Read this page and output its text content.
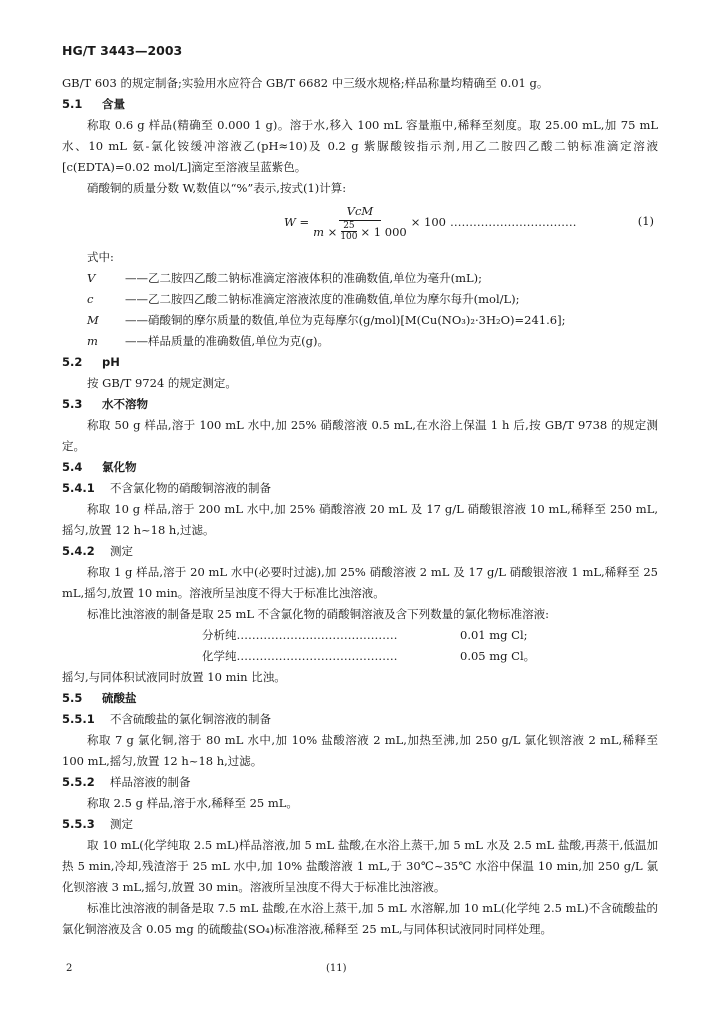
HG/T 3443—2003

GB/T 603 的规定制备;实验用水应符合 GB/T 6682 中三级水规格;样品称量均精确至 0.01 g。

5.1 含量

称取 0.6 g 样品(精确至 0.000 1 g)。溶于水,移入 100 mL 容量瓶中,稀释至刻度。取 25.00 mL,加 75 mL 水、10 mL 氨-氯化铵缓冲溶液乙(pH≈10)及 0.2 g 紫脲酸铵指示剂,用乙二胺四乙酸二钠标准滴定溶液[c(EDTA)=0.02 mol/L]滴定至溶液呈蓝紫色。

硝酸铜的质量分数 W,数值以“%”表示,按式(1)计算:

W =
VcM
$m \times \frac{25}{100} \times 1$ 000
× 100 ……………………………	(1)

式中:

V	——乙二胺四乙酸二钠标准滴定溶液体积的准确数值,单位为毫升(mL);

c	——乙二胺四乙酸二钠标准滴定溶液浓度的准确数值,单位为摩尔每升(mol/L);

M	——硝酸铜的摩尔质量的数值,单位为克每摩尔(g/mol)[M(Cu(NO₃)₂·3H₂O)=241.6];

m	——样品质量的准确数值,单位为克(g)。

5.2 pH

按 GB/T 9724 的规定测定。

5.3 水不溶物

称取 50 g 样品,溶于 100 mL 水中,加 25% 硝酸溶液 0.5 mL,在水浴上保温 1 h 后,按 GB/T 9738 的规定测定。

5.4 氯化物

5.4.1 不含氯化物的硝酸铜溶液的制备

称取 10 g 样品,溶于 200 mL 水中,加 25% 硝酸溶液 20 mL 及 17 g/L 硝酸银溶液 10 mL,稀释至 250 mL,摇匀,放置 12 h~18 h,过滤。

5.4.2 测定

称取 1 g 样品,溶于 20 mL 水中(必要时过滤),加 25% 硝酸溶液 2 mL 及 17 g/L 硝酸银溶液 1 mL,稀释至 25 mL,摇匀,放置 10 min。溶液所呈浊度不得大于标准比浊溶液。

标准比浊溶液的制备是取 25 mL 不含氯化物的硝酸铜溶液及含下列数量的氯化物标准溶液:

分析纯……………………………………	0.01 mg Cl;
化学纯……………………………………	0.05 mg Cl。

摇匀,与同体积试液同时放置 10 min 比浊。

5.5 硫酸盐

5.5.1 不含硫酸盐的氯化铜溶液的制备

称取 7 g 氯化铜,溶于 80 mL 水中,加 10% 盐酸溶液 2 mL,加热至沸,加 250 g/L 氯化钡溶液 2 mL,稀释至 100 mL,摇匀,放置 12 h~18 h,过滤。

5.5.2 样品溶液的制备

称取 2.5 g 样品,溶于水,稀释至 25 mL。

5.5.3 测定

取 10 mL(化学纯取 2.5 mL)样品溶液,加 5 mL 盐酸,在水浴上蒸干,加 5 mL 水及 2.5 mL 盐酸,再蒸干,低温加热 5 min,冷却,残渣溶于 25 mL 水中,加 10% 盐酸溶液 1 mL,于 30℃~35℃ 水浴中保温 10 min,加 250 g/L 氯化钡溶液 3 mL,摇匀,放置 30 min。溶液所呈浊度不得大于标准比浊溶液。

标准比浊溶液的制备是取 7.5 mL 盐酸,在水浴上蒸干,加 5 mL 水溶解,加 10 mL(化学纯 2.5 mL)不含硫酸盐的氯化铜溶液及含 0.05 mg 的硫酸盐(SO₄)标准溶液,稀释至 25 mL,与同体积试液同时同样处理。

2	(11)
